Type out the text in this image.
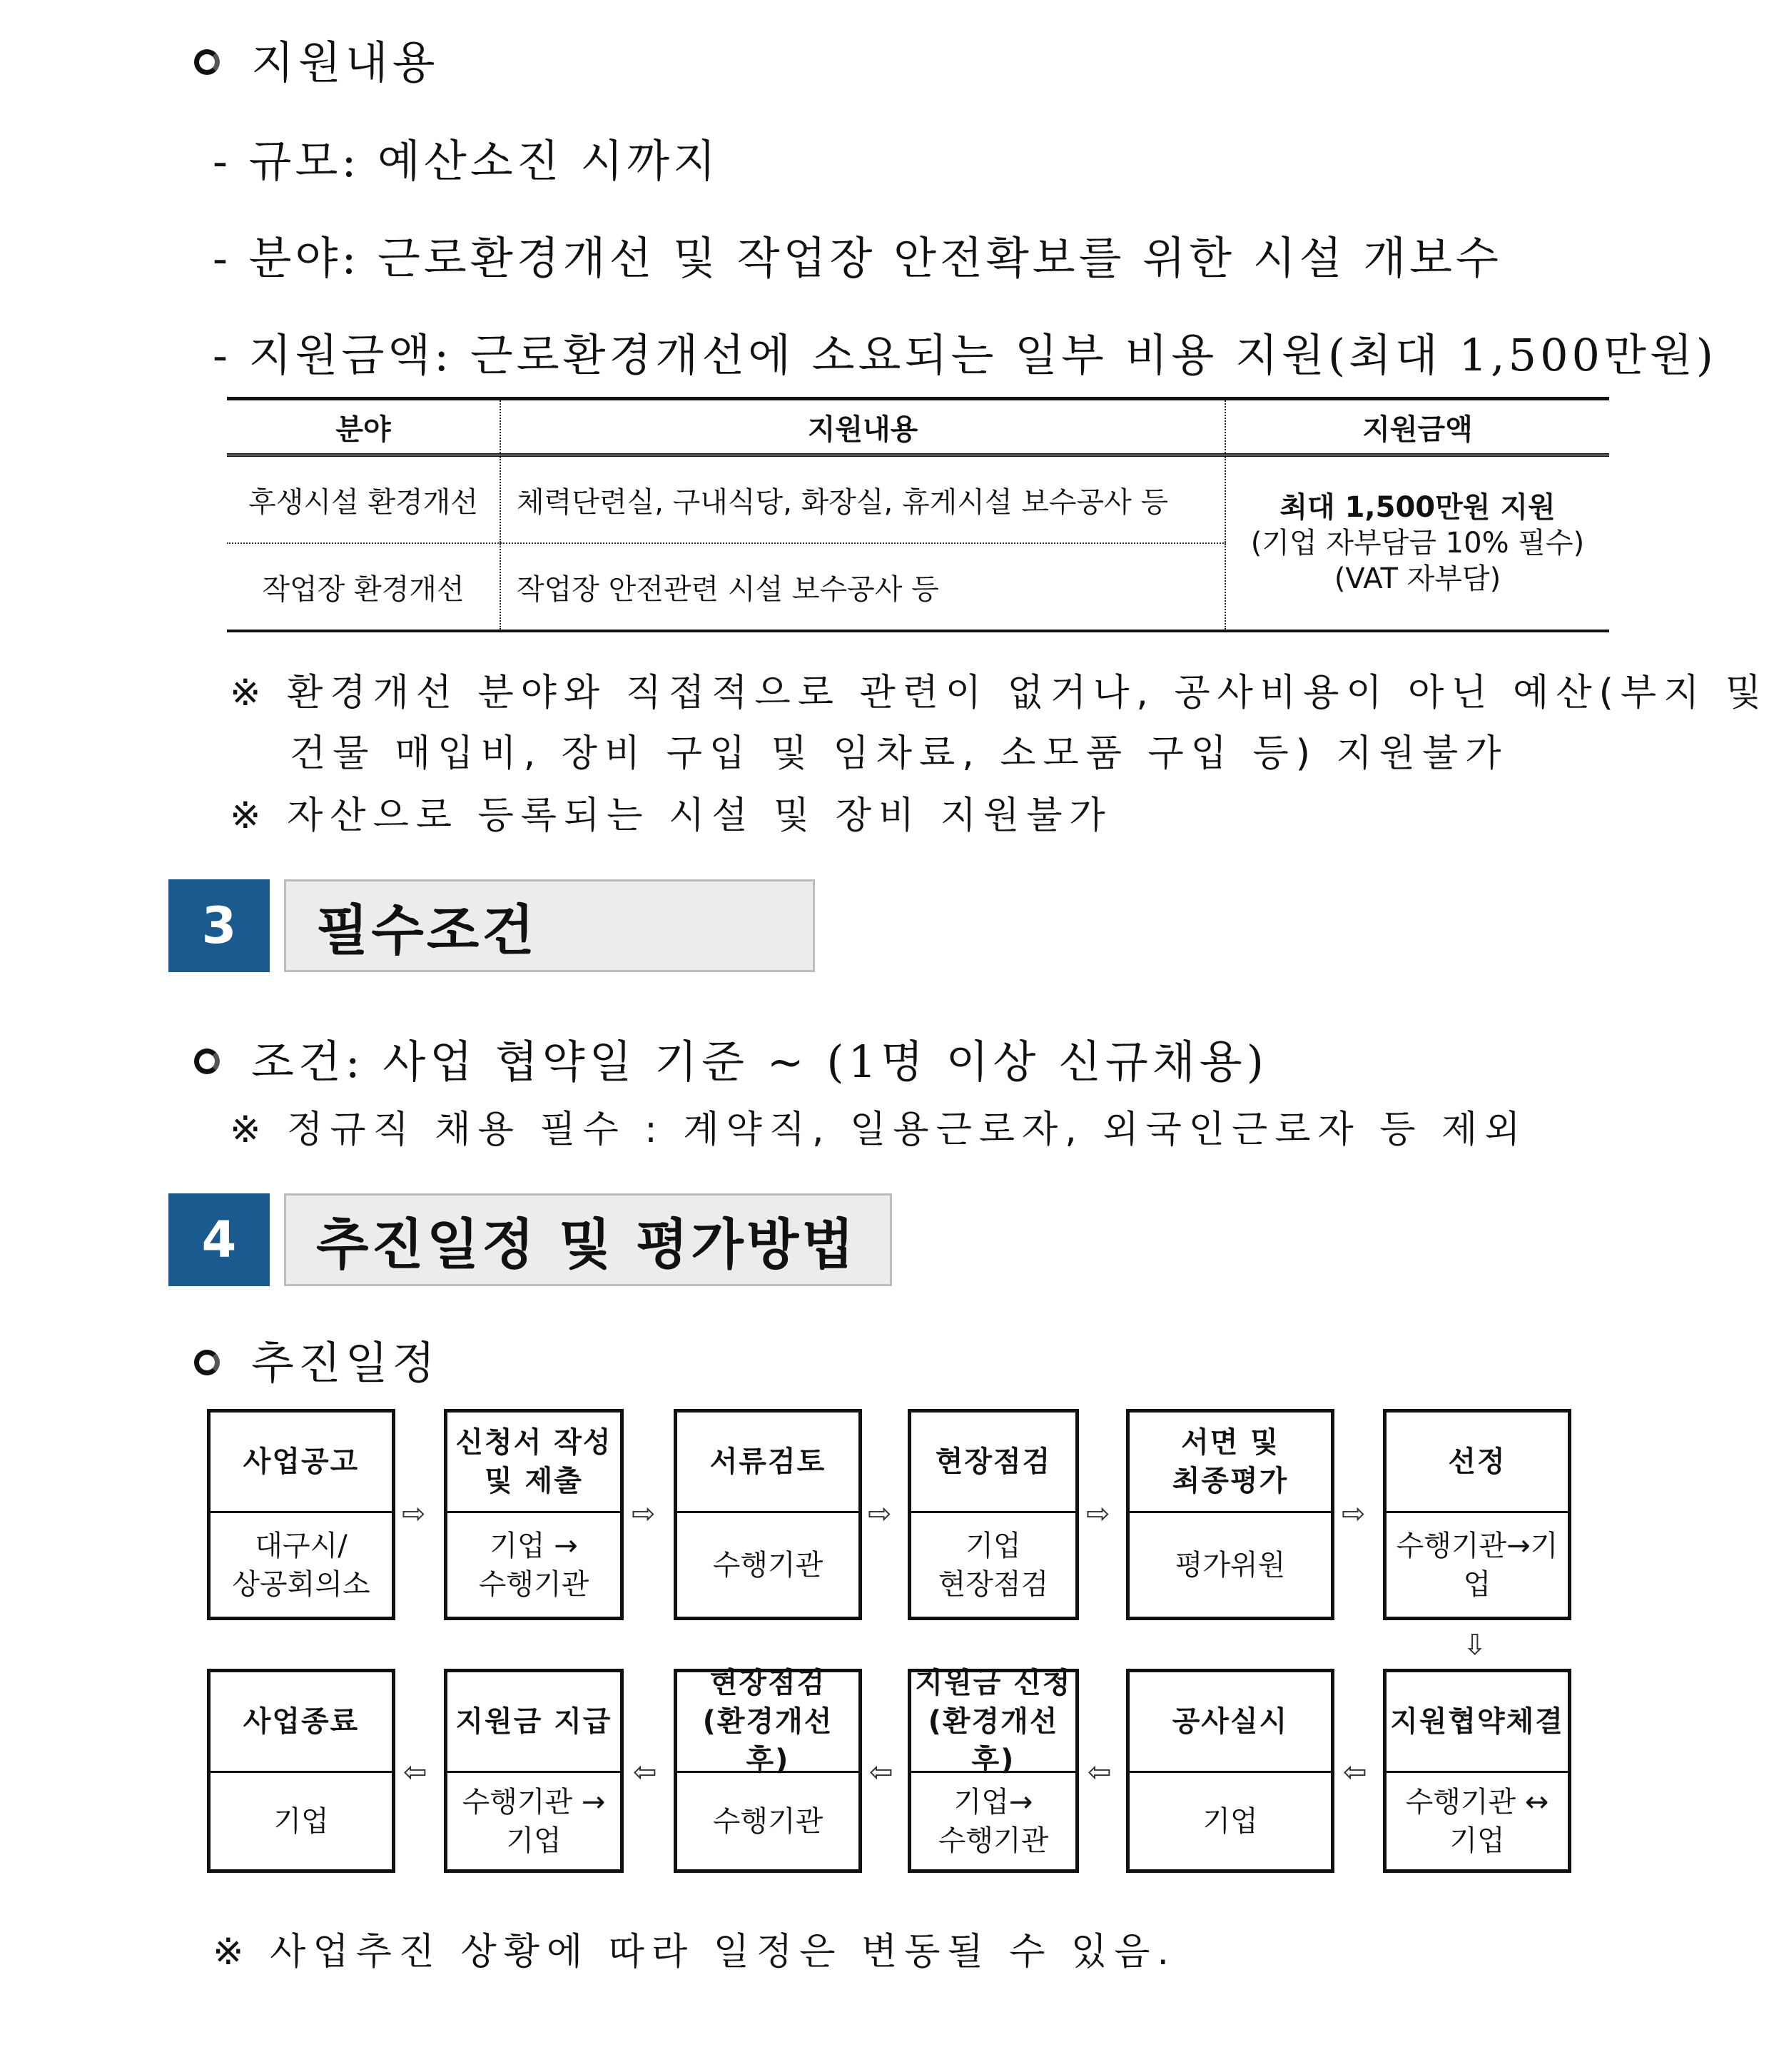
지원내용
- 규모: 예산소진 시까지
- 분야: 근로환경개선 및 작업장 안전확보를 위한 시설 개보수
- 지원금액: 근로환경개선에 소요되는 일부 비용 지원(최대 1,500만원)
분야	지원내용	지원금액
후생시설 환경개선	체력단련실, 구내식당, 화장실, 휴게시설 보수공사 등	최대 1,500만원 지원
(기업 자부담금 10% 필수)
(VAT 자부담)

작업장 환경개선	작업장 안전관련 시설 보수공사 등	
※ 환경개선 분야와 직접적으로 관련이 없거나, 공사비용이 아닌 예산(부지 및
건물 매입비, 장비 구입 및 임차료, 소모품 구입 등) 지원불가
※ 자산으로 등록되는 시설 및 장비 지원불가
3	필수조건
조건: 사업 협약일 기준 ~ (1명 이상 신규채용)
※ 정규직 채용 필수 : 계약직, 일용근로자, 외국인근로자 등 제외
4	추진일정 및 평가방법
추진일정
사업공고
대구시/
상공회의소
⇨
신청서 작성
및 제출
기업 →
수행기관
⇨
서류검토
수행기관
⇨
현장점검
기업
현장점검
⇨
서면 및
최종평가
평가위원
⇨
선정
수행기관→기업
⇩
사업종료
기업
⇦
지원금 지급
수행기관 →
기업
⇦
현장점검
(환경개선 후)
수행기관
⇦
지원금 신청
(환경개선 후)
기업→
수행기관
⇦
공사실시
기업
⇦
지원협약체결
수행기관 ↔
기업
※ 사업추진 상황에 따라 일정은 변동될 수 있음.
